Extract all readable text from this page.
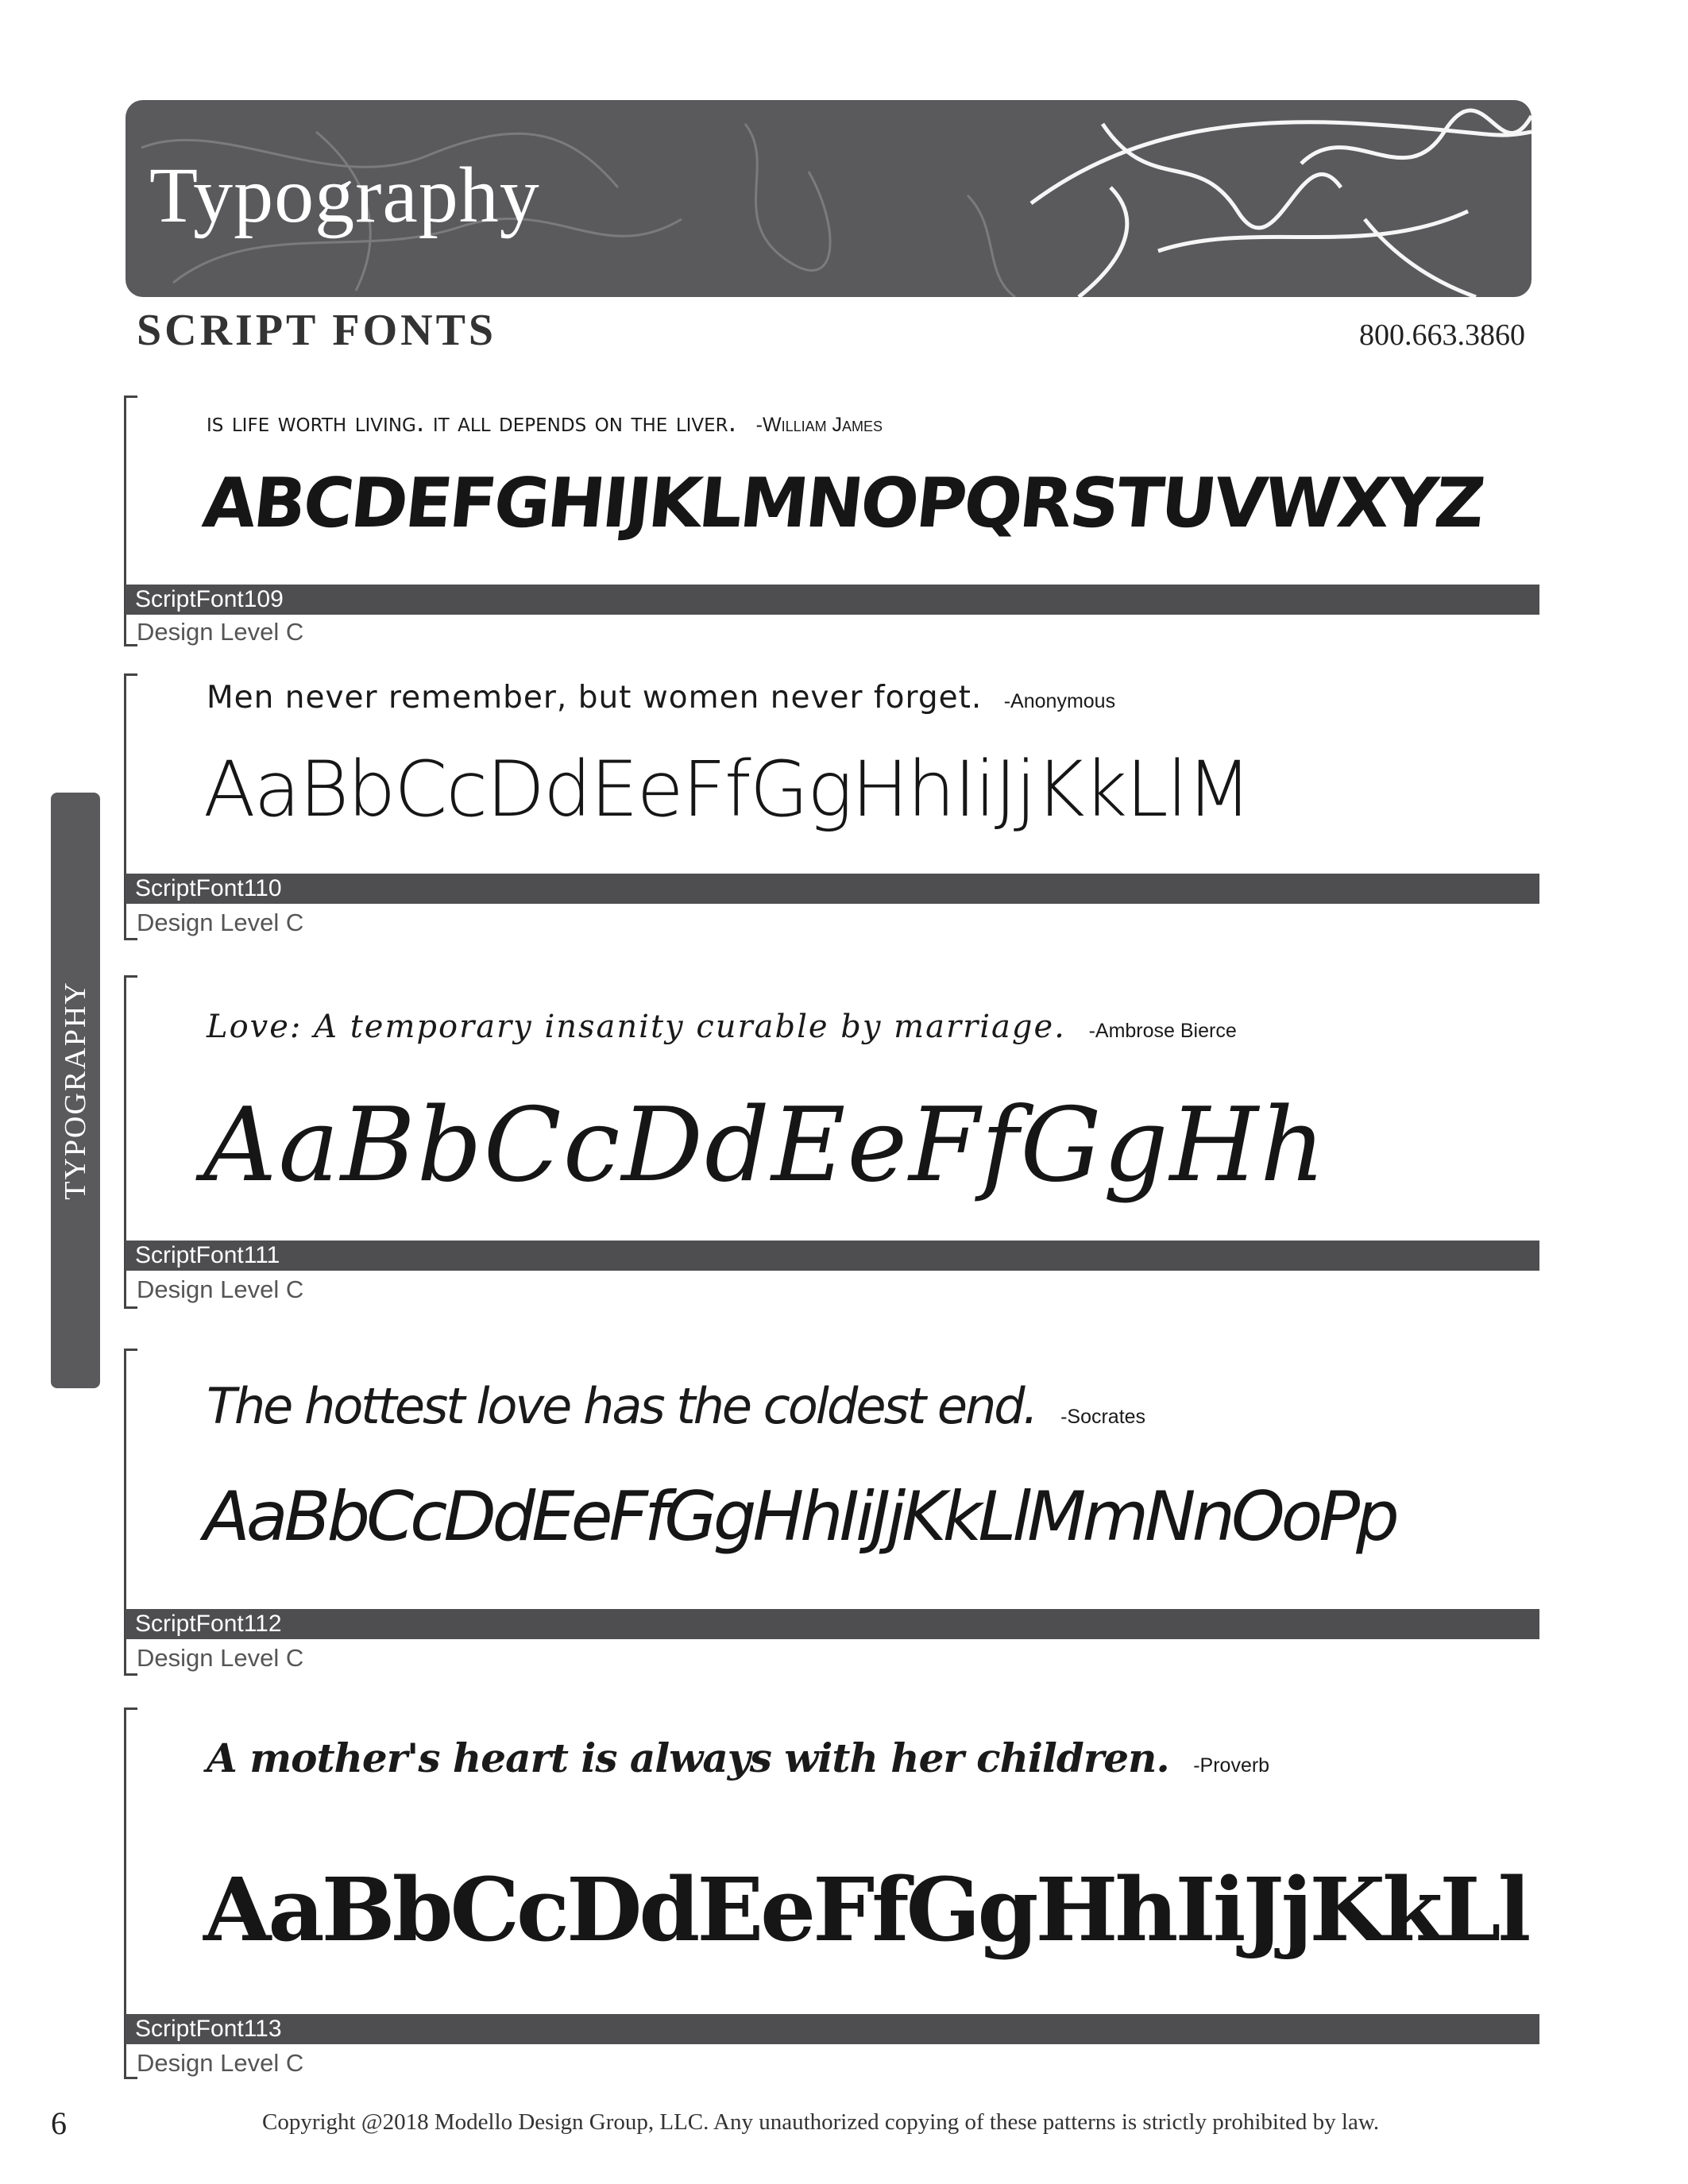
Typography
SCRIPT FONTS	800.663.3860
TYPOGRAPHY
is life worth living. it all depends on the liver. -William James
ABCDEFGHIJKLMNOPQRSTUVWXYZ
ScriptFont109
Design Level C
Men never remember, but women never forget. -Anonymous
AaBbCcDdEeFfGgHhIiJjKkLlM
ScriptFont110
Design Level C
Love: A temporary insanity curable by marriage. -Ambrose Bierce
AaBbCcDdEeFfGgHh
ScriptFont111
Design Level C
The hottest love has the coldest end. -Socrates
AaBbCcDdEeFfGgHhIiJjKkLlMmNnOoPp
ScriptFont112
Design Level C
A mother's heart is always with her children. -Proverb
AaBbCcDdEeFfGgHhIiJjKkLl
ScriptFont113
Design Level C
6	Copyright @2018 Modello Design Group, LLC. Any unauthorized copying of these patterns is strictly prohibited by law.
